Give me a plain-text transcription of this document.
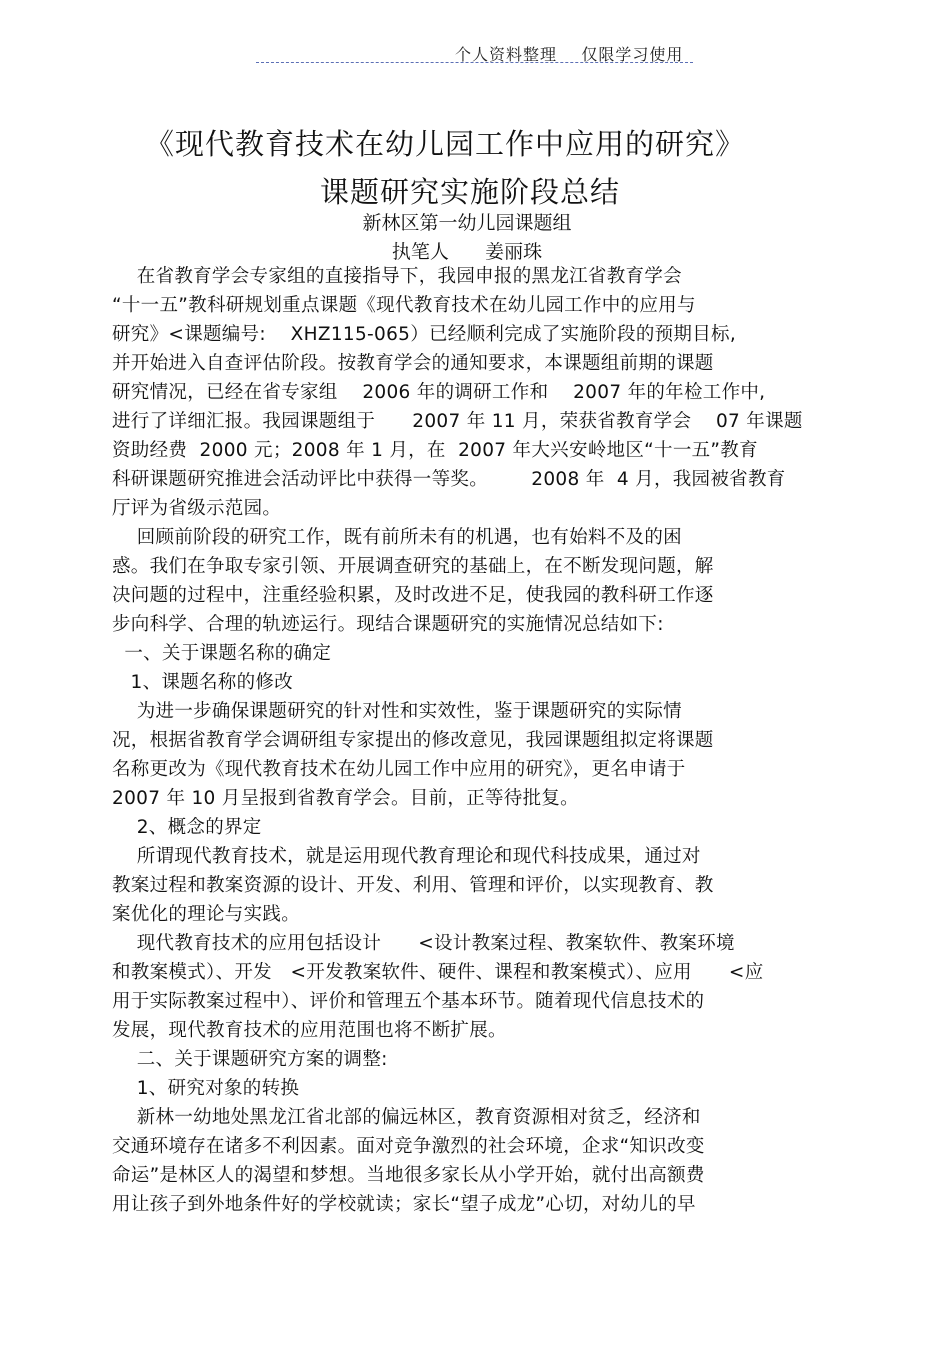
个人资料整理    仅限学习使用
《现代教育技术在幼儿园工作中应用的研究》
课题研究实施阶段总结
新林区第一幼儿园课题组
执笔人      姜丽珠
在省教育学会专家组的直接指导下，我园申报的黑龙江省教育学会
“十一五”教科研规划重点课题《现代教育技术在幼儿园工作中的应用与
研究》<课题编号:    XHZ115-065）已经顺利完成了实施阶段的预期目标,
并开始进入自查评估阶段。按教育学会的通知要求，本课题组前期的课题
研究情况，已经在省专家组    2006 年的调研工作和    2007 年的年检工作中,
进行了详细汇报。我园课题组于      2007 年 11 月，荣获省教育学会    07 年课题
资助经费  2000 元；2008 年 1 月，在  2007 年大兴安岭地区“十一五”教育
科研课题研究推进会活动评比中获得一等奖。       2008 年  4 月，我园被省教育
厅评为省级示范园。
回顾前阶段的研究工作，既有前所未有的机遇，也有始料不及的困
惑。我们在争取专家引领、开展调查研究的基础上，在不断发现问题，解
决问题的过程中，注重经验积累，及时改进不足，使我园的教科研工作逐
步向科学、合理的轨迹运行。现结合课题研究的实施情况总结如下:
一、关于课题名称的确定
1、课题名称的修改
为进一步确保课题研究的针对性和实效性，鉴于课题研究的实际情
况，根据省教育学会调研组专家提出的修改意见，我园课题组拟定将课题
名称更改为《现代教育技术在幼儿园工作中应用的研究》，更名申请于
2007 年 10 月呈报到省教育学会。目前，正等待批复。
2、概念的界定
所谓现代教育技术，就是运用现代教育理论和现代科技成果，通过对
教案过程和教案资源的设计、开发、利用、管理和评价，以实现教育、教
案优化的理论与实践。
现代教育技术的应用包括设计      <设计教案过程、教案软件、教案环境
和教案模式）、开发   <开发教案软件、硬件、课程和教案模式）、应用      <应
用于实际教案过程中）、评价和管理五个基本环节。随着现代信息技术的
发展，现代教育技术的应用范围也将不断扩展。
二、关于课题研究方案的调整:
1、研究对象的转换
新林一幼地处黑龙江省北部的偏远林区，教育资源相对贫乏，经济和
交通环境存在诸多不利因素。面对竞争激烈的社会环境，企求“知识改变
命运”是林区人的渴望和梦想。当地很多家长从小学开始，就付出高额费
用让孩子到外地条件好的学校就读；家长“望子成龙”心切，对幼儿的早
